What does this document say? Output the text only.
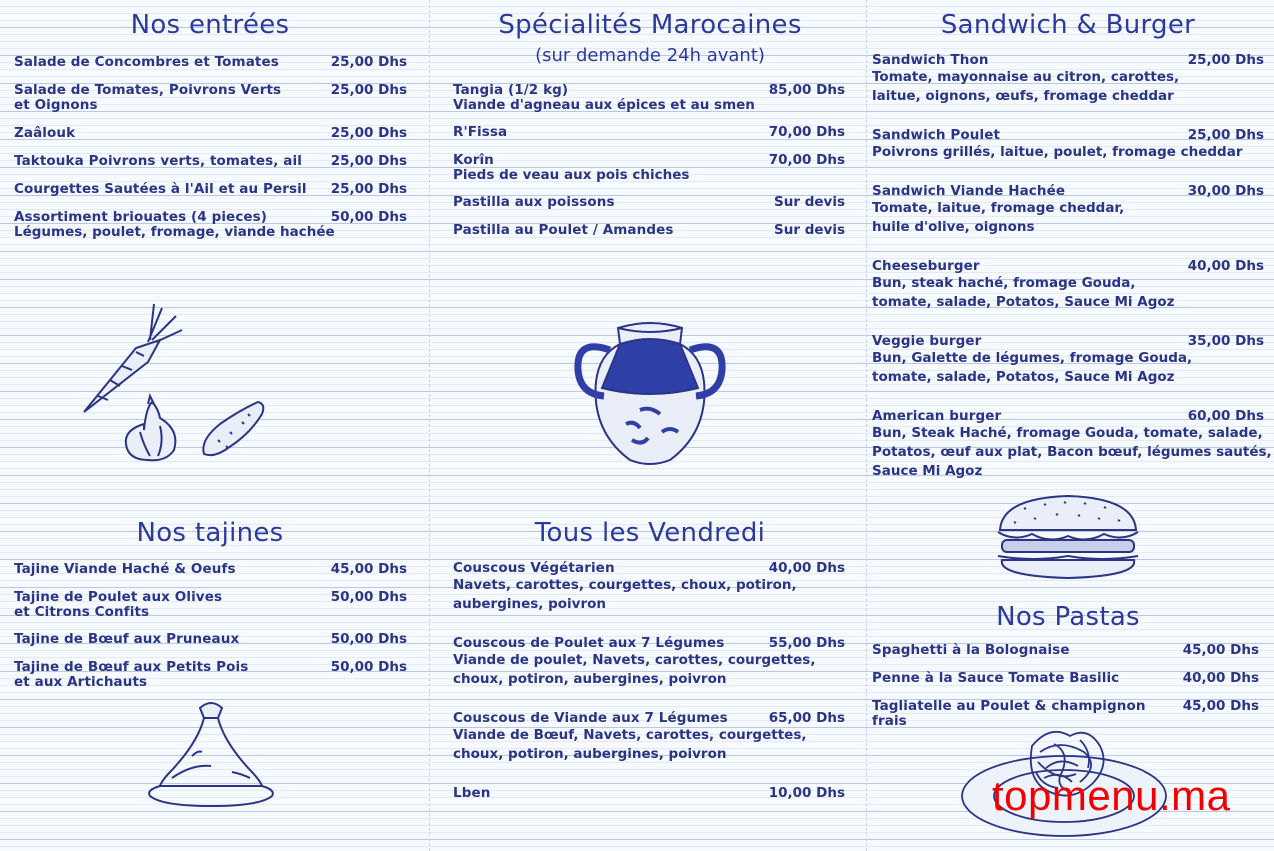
Nos entrées
Salade de Concombres et Tomates	25,00 Dhs
Salade de Tomates, Poivrons Verts
et Oignons
25,00 Dhs
Zaâlouk	25,00 Dhs
Taktouka Poivrons verts, tomates, ail	25,00 Dhs
Courgettes Sautées à l'Ail et au Persil	25,00 Dhs
Assortiment briouates (4 pieces)
Légumes, poulet, fromage, viande hachée
50,00 Dhs
Spécialités Marocaines
(sur demande 24h avant)
Tangia (1/2 kg)
Viande d'agneau aux épices et au smen
85,00 Dhs
R'Fissa	70,00 Dhs
Korîn
Pieds de veau aux pois chiches
70,00 Dhs
Pastilla aux poissons	Sur devis
Pastilla au Poulet / Amandes	Sur devis
Sandwich & Burger
Sandwich Thon
Tomate, mayonnaise au citron, carottes,
laitue, oignons, œufs, fromage cheddar
25,00 Dhs
Sandwich Poulet
Poivrons grillés, laitue, poulet, fromage cheddar
25,00 Dhs
Sandwich Viande Hachée
Tomate, laitue, fromage cheddar,
huile d'olive, oignons
30,00 Dhs
Cheeseburger
Bun, steak haché, fromage Gouda,
tomate, salade, Potatos, Sauce Mi Agoz
40,00 Dhs
Veggie burger
Bun, Galette de légumes, fromage Gouda,
tomate, salade, Potatos, Sauce Mi Agoz
35,00 Dhs
American burger
Bun, Steak Haché, fromage Gouda, tomate, salade,
Potatos, œuf aux plat, Bacon bœuf, légumes sautés,
Sauce Mi Agoz
60,00 Dhs
Nos tajines
Tajine Viande Haché & Oeufs	45,00 Dhs
Tajine de Poulet aux Olives
et Citrons Confits
50,00 Dhs
Tajine de Bœuf aux Pruneaux	50,00 Dhs
Tajine de Bœuf aux Petits Pois
et aux Artichauts
50,00 Dhs
Tous les Vendredi
Couscous Végétarien
Navets, carottes, courgettes, choux, potiron,
aubergines, poivron
40,00 Dhs
Couscous de Poulet aux 7 Légumes
Viande de poulet, Navets, carottes, courgettes,
choux, potiron, aubergines, poivron
55,00 Dhs
Couscous de Viande aux 7 Légumes
Viande de Bœuf, Navets, carottes, courgettes,
choux, potiron, aubergines, poivron
65,00 Dhs
Lben	10,00 Dhs
Nos Pastas
Spaghetti à la Bolognaise	45,00 Dhs
Penne à la Sauce Tomate Basilic	40,00 Dhs
Tagliatelle au Poulet & champignon frais
45,00 Dhs
topmenu.ma
